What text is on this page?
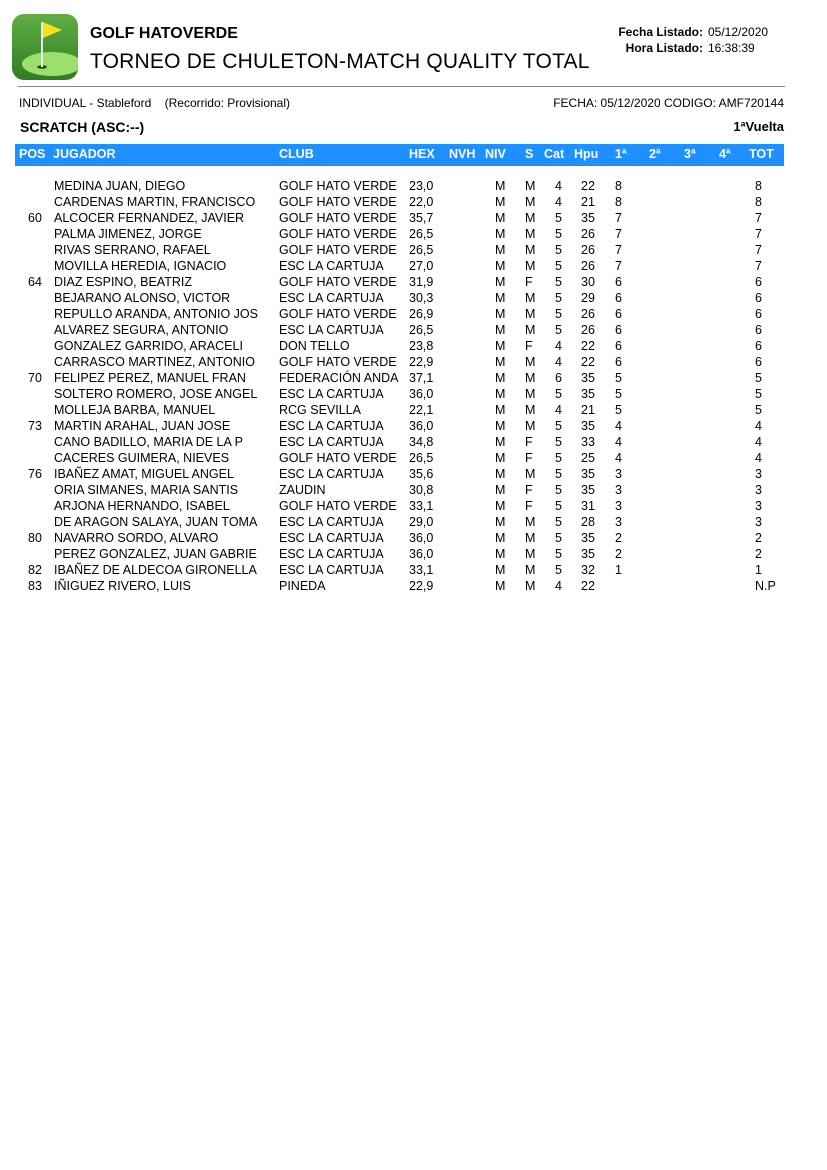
GOLF HATOVERDE
TORNEO DE CHULETON-MATCH QUALITY TOTAL
Fecha Listado: 05/12/2020
Hora Listado: 16:38:39
INDIVIDUAL - Stableford (Recorrido: Provisional)	FECHA: 05/12/2020 CODIGO: AMF720144
SCRATCH (ASC:--)	1ªVuelta
POS JUGADOR	CLUB	HEX NVH NIV S Cat Hpu 1ª 2ª 3ª 4ª TOT
MEDINA JUAN, DIEGO	GOLF HATO VERDE 23,0	M M 4 22 8	8
CARDENAS MARTIN, FRANCISCO GOLF HATO VERDE 22,0	M M 4 21 8	8
60 ALCOCER FERNANDEZ, JAVIER	GOLF HATO VERDE 35,7	M M 5 35 7	7
PALMA JIMENEZ, JORGE	GOLF HATO VERDE 26,5	M M 5 26 7	7
RIVAS SERRANO, RAFAEL	GOLF HATO VERDE 26,5	M M 5 26 7	7
MOVILLA HEREDIA, IGNACIO	ESC LA CARTUJA 27,0	M M 5 26 7	7
64 DIAZ ESPINO, BEATRIZ	GOLF HATO VERDE 31,9	M F 5 30 6	6
BEJARANO ALONSO, VICTOR	ESC LA CARTUJA 30,3	M M 5 29 6	6
REPULLO ARANDA, ANTONIO JOS GOLF HATO VERDE 26,9	M M 5 26 6	6
ALVAREZ SEGURA, ANTONIO	ESC LA CARTUJA 26,5	M M 5 26 6	6
GONZALEZ GARRIDO, ARACELI	DON TELLO	23,8	M F 4 22 6	6
CARRASCO MARTINEZ, ANTONIO GOLF HATO VERDE 22,9	M M 4 22 6	6
70 FELIPEZ PEREZ, MANUEL FRAN	FEDERACIÓN ANDA 37,1	M M 6 35 5	5
SOLTERO ROMERO, JOSE ANGEL ESC LA CARTUJA 36,0	M M 5 35 5	5
MOLLEJA BARBA, MANUEL	RCG SEVILLA	22,1	M M 4 21 5	5
73 MARTIN ARAHAL, JUAN JOSE	ESC LA CARTUJA 36,0	M M 5 35 4	4
CANO BADILLO, MARIA DE LA P	ESC LA CARTUJA 34,8	M F 5 33 4	4
CACERES GUIMERA, NIEVES	GOLF HATO VERDE 26,5	M F 5 25 4	4
76 IBAÑEZ AMAT, MIGUEL ANGEL	ESC LA CARTUJA 35,6	M M 5 35 3	3
ORIA SIMANES, MARIA SANTIS	ZAUDIN	30,8	M F 5 35 3	3
ARJONA HERNANDO, ISABEL	GOLF HATO VERDE 33,1	M F 5 31 3	3
DE ARAGON SALAYA, JUAN TOMA ESC LA CARTUJA 29,0	M M 5 28 3	3
80 NAVARRO SORDO, ALVARO	ESC LA CARTUJA 36,0	M M 5 35 2	2
PEREZ GONZALEZ, JUAN GABRIE ESC LA CARTUJA 36,0	M M 5 35 2	2
82 IBAÑEZ DE ALDECOA GIRONELLA ESC LA CARTUJA 33,1	M M 5 32 1	1
83 IÑIGUEZ RIVERO, LUIS	PINEDA	22,9	M M 4 22	N.P
